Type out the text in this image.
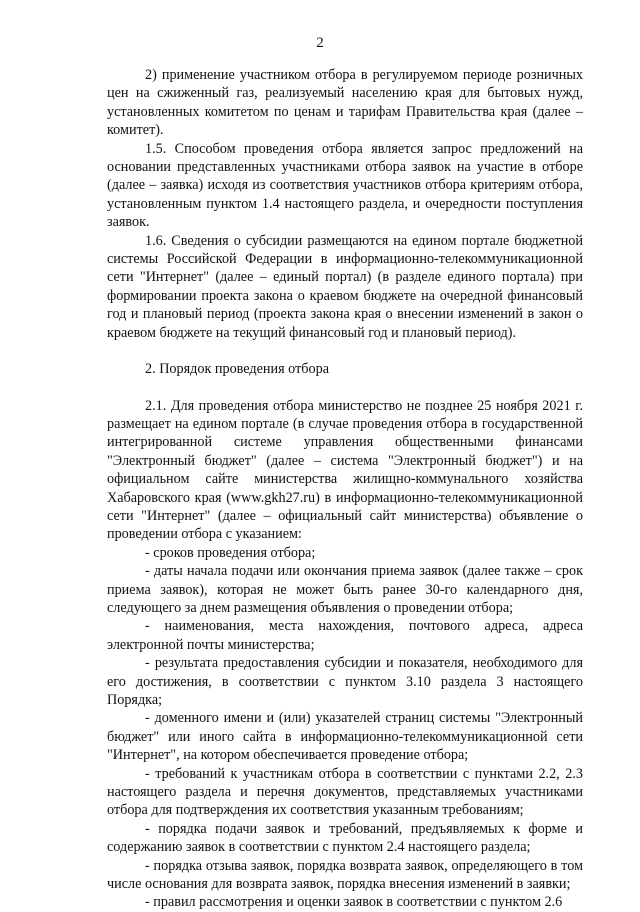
2

2) применение участником отбора в регулируемом периоде розничных цен на сжиженный газ, реализуемый населению края для бытовых нужд, установленных комитетом по ценам и тарифам Правительства края (далее – комитет).

1.5. Способом проведения отбора является запрос предложений на основании представленных участниками отбора заявок на участие в отборе (далее – заявка) исходя из соответствия участников отбора критериям отбора, установленным пунктом 1.4 настоящего раздела, и очередности поступления заявок.

1.6. Сведения о субсидии размещаются на едином портале бюджетной системы Российской Федерации в информационно-телекоммуникационной сети "Интернет" (далее – единый портал) (в разделе единого портала) при формировании проекта закона о краевом бюджете на очередной финансовый год и плановый период (проекта закона края о внесении изменений в закон о краевом бюджете на текущий финансовый год и плановый период).

2. Порядок проведения отбора

2.1. Для проведения отбора министерство не позднее 25 ноября 2021 г. размещает на едином портале (в случае проведения отбора в государственной интегрированной системе управления общественными финансами "Электронный бюджет" (далее – система "Электронный бюджет") и на официальном сайте министерства жилищно-коммунального хозяйства Хабаровского края (www.gkh27.ru) в информационно-телекоммуникационной сети "Интернет" (далее – официальный сайт министерства) объявление о проведении отбора с указанием:

- сроков проведения отбора;

- даты начала подачи или окончания приема заявок (далее также – срок приема заявок), которая не может быть ранее 30-го календарного дня, следующего за днем размещения объявления о проведении отбора;

- наименования, места нахождения, почтового адреса, адреса электронной почты министерства;

- результата предоставления субсидии и показателя, необходимого для его достижения, в соответствии с пунктом 3.10 раздела 3 настоящего Порядка;

- доменного имени и (или) указателей страниц системы "Электронный бюджет" или иного сайта в информационно-телекоммуникационной сети "Интернет", на котором обеспечивается проведение отбора;

- требований к участникам отбора в соответствии с пунктами 2.2, 2.3 настоящего раздела и перечня документов, представляемых участниками отбора для подтверждения их соответствия указанным требованиям;

- порядка подачи заявок и требований, предъявляемых к форме и содержанию заявок в соответствии с пунктом 2.4 настоящего раздела;

- порядка отзыва заявок, порядка возврата заявок, определяющего в том числе основания для возврата заявок, порядка внесения изменений в заявки;

- правил рассмотрения и оценки заявок в соответствии с пунктом 2.6
